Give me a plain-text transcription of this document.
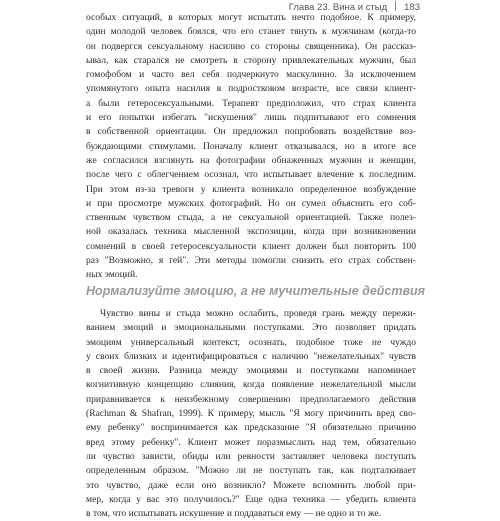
Глава 23. Вина и стыд 183
особых ситуаций, в которых могут испытать нечто подобное. К примеру,
один молодой человек боялся, что его станет тянуть к мужчинам (когда-то
он подвергся сексуальному насилию со стороны священника). Он рассказ-
ывал, как старался не смотреть в сторону привлекательных мужчин, был
гомофобом и часто вел себя подчеркнуто маскулинно. За исключением
упомянутого опыта насилия в подростковом возрасте, все связи клиент-
а были гетеросексуальными. Терапевт предположил, что страх клиента
и его попытки избегать "искушения" лишь подпитывают его сомнения
в собственной ориентации. Он предложил попробовать воздействие воз-
буждающими стимулами. Поначалу клиент отказывался, но в итоге все
же согласился взглянуть на фотографии обнаженных мужчин и женщин,
после чего с облегчением осознал, что испытывает влечение к последним.
При этом из-за тревоги у клиента возникало определенное возбуждение
и при просмотре мужских фотографий. Но он сумел объяснить его соб-
ственным чувством стыда, а не сексуальной ориентацией. Также полез-
ной оказалась техника мысленной экспозиции, когда при возникновении
сомнений в своей гетеросексуальности клиент должен был повторить 100
раз "Возможно, я гей". Эти методы помогли снизить его страх собствен-
ных эмоций.
Нормализуйте эмоцию, а не мучительные действия
Чувство вины и стыда можно ослабить, проведя грань между пережи-
ванием эмоций и эмоциональными поступками. Это позволяет придать
эмоциям универсальный контекст, осознать, подобное тоже не чуждо
у своих близких и идентифицироваться с наличию "нежелательных" чувств
в своей жизни. Разница между эмоциями и поступками напоминает
когнитивную концепцию слияния, когда появление нежелательной мысли
приравнивается к неизбежному совершению предполагаемого действия
(Rachman & Shafran, 1999). К примеру, мысль "Я могу причинить вред сво-
ему ребенку" воспринимается как предсказание "Я обязательно причиню
вред этому ребенку". Клиент может поразмыслить над тем, обязательно
ли чувство зависти, обиды или ревности заставляет человека поступать
определенным образом. "Можно ли не поступать так, как подталкивает
это чувство, даже если оно возникло? Можете вспомнить любой при-
мер, когда у вас это получилось?" Еще одна техника — убедить клиента
в том, что испытывать искушение и поддаваться ему — не одно и то же.
